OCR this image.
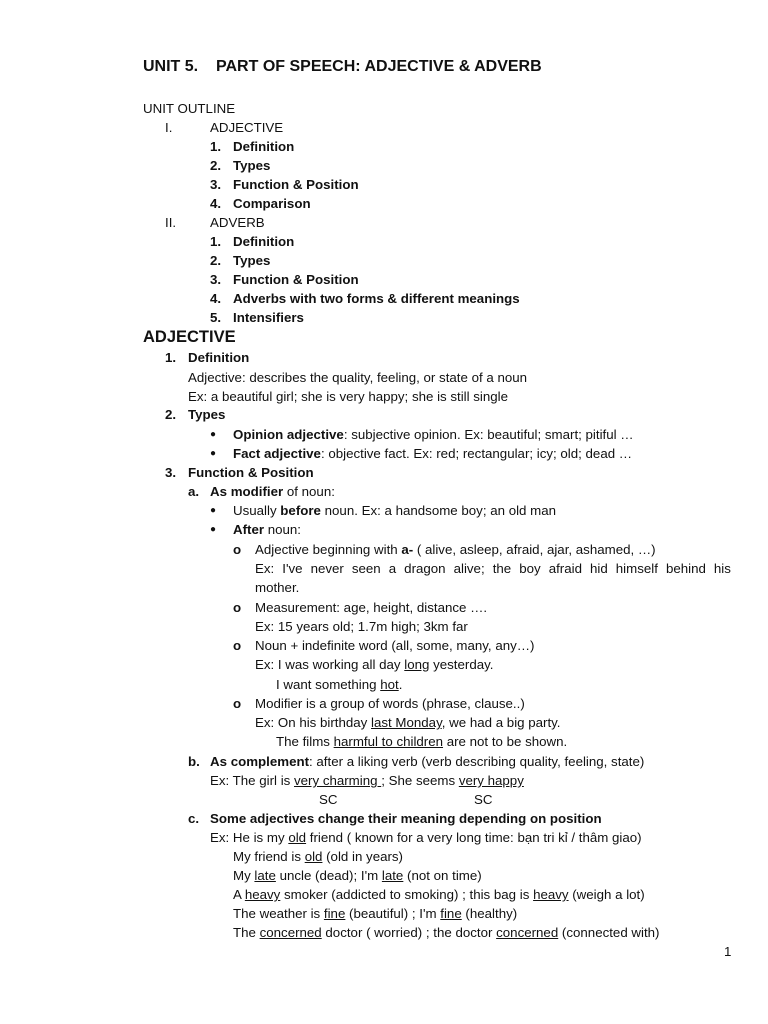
UNIT 5. PART OF SPEECH: ADJECTIVE & ADVERB
UNIT OUTLINE
I.	ADJECTIVE
1. Definition
2. Types
3. Function & Position
4. Comparison
II.	ADVERB
1. Definition
2. Types
3. Function & Position
4. Adverbs with two forms & different meanings
5. Intensifiers
ADJECTIVE
1. Definition
Adjective: describes the quality, feeling, or state of a noun
Ex: a beautiful girl; she is very happy; she is still single
2. Types
● Opinion adjective: subjective opinion. Ex: beautiful; smart; pitiful …
● Fact adjective: objective fact. Ex: red; rectangular; icy; old; dead …
3. Function & Position
a. As modifier of noun:
● Usually before noun. Ex: a handsome boy; an old man
● After noun:
o Adjective beginning with a- ( alive, asleep, afraid, ajar, ashamed, …)
Ex: I've never seen a dragon alive; the boy afraid hid himself behind his
mother.
o Measurement: age, height, distance ….
Ex: 15 years old; 1.7m high; 3km far
o Noun + indefinite word (all, some, many, any…)
Ex: I was working all day long yesterday.
I want something hot.
o Modifier is a group of words (phrase, clause..)
Ex: On his birthday last Monday, we had a big party.
The films harmful to children are not to be shown.
b. As complement: after a liking verb (verb describing quality, feeling, state)
Ex: The girl is very charming ; She seems very happy
SC	SC
c. Some adjectives change their meaning depending on position
Ex: He is my old friend ( known for a very long time: bạn tri kỉ / thâm giao)
My friend is old (old in years)
My late uncle (dead); I'm late (not on time)
A heavy smoker (addicted to smoking) ; this bag is heavy (weigh a lot)
The weather is fine (beautiful) ; I'm fine (healthy)
The concerned doctor ( worried) ; the doctor concerned (connected with)
1
